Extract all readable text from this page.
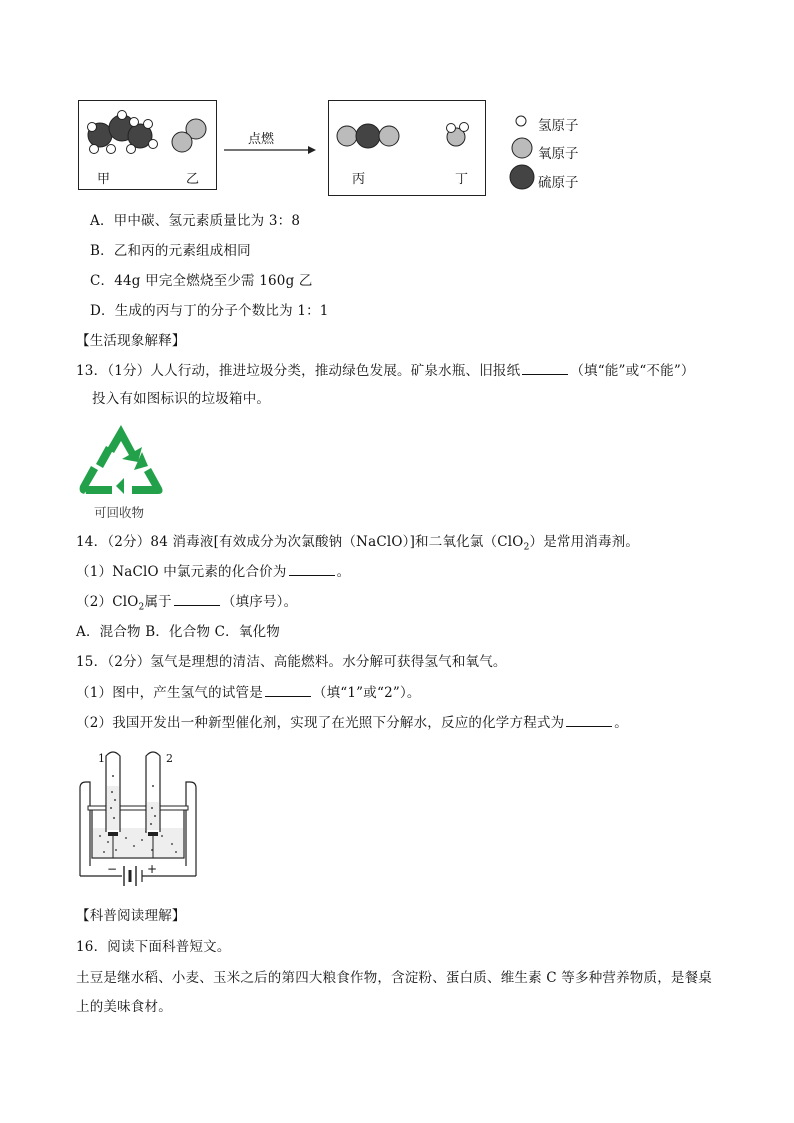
甲	乙
点燃
丙	丁
氢原子
氧原子
硫原子
A．甲中碳、氢元素质量比为 3：8
B．乙和丙的元素组成相同
C．44g 甲完全燃烧至少需 160g 乙
D．生成的丙与丁的分子个数比为 1：1
【生活现象解释】
13．（1分）人人行动，推进垃圾分类，推动绿色发展。矿泉水瓶、旧报纸	（填“能”或“不能”）
投入有如图标识的垃圾箱中。
可回收物
14．（2分）84 消毒液[有效成分为次氯酸钠（NaClO）]和二氧化氯（ClO$_2$）是常用消毒剂。
（1）NaClO 中氯元素的化合价为	。
（2）ClO$_2$属于	（填序号）。
A．混合物 B．化合物 C．氧化物
15．（2分）氢气是理想的清洁、高能燃料。水分解可获得氢气和氧气。
（1）图中，产生氢气的试管是	（填“1”或“2”）。
（2）我国开发出一种新型催化剂，实现了在光照下分解水，反应的化学方程式为	。
1	2
− +
【科普阅读理解】
16．阅读下面科普短文。
土豆是继水稻、小麦、玉米之后的第四大粮食作物，含淀粉、蛋白质、维生素 C 等多种营养物质，是餐桌
上的美味食材。
